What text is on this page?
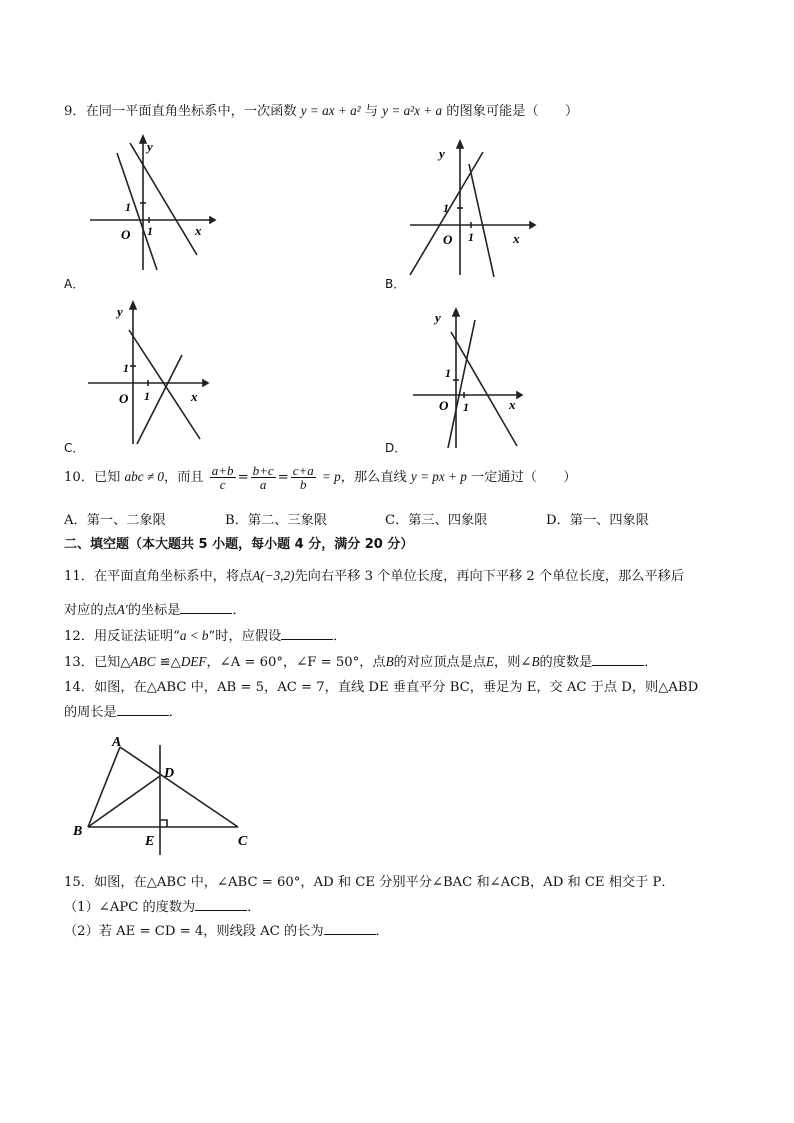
9．在同一平面直角坐标系中，一次函数 y = ax + a² 与 y = a²x + a 的图象可能是（　　）
y
1
1
O	x
A．
y
1
1
O	x
B．
y
1
1
O	x
C．
y
1
1
O	x
D．
10．已知 abc ≠ 0，而且 $\frac{a+b}{c} = \frac{b+c}{a} = \frac{c+a}{b} = p$，那么直线 y = px + p 一定通过（　　）
A．第一、二象限	B．第二、三象限	C．第三、四象限	D．第一、四象限
二、填空题（本大题共 5 小题，每小题 4 分，满分 20 分）
11．在平面直角坐标系中，将点A(−3,2)先向右平移 3 个单位长度，再向下平移 2 个单位长度，那么平移后
对应的点A′的坐标是	．
12．用反证法证明“a < b”时，应假设	．
13．已知△ABC ≌△DEF，∠A = 60°，∠F = 50°，点B的对应顶点是点E，则∠B的度数是	．
14．如图，在△ABC 中，AB = 5，AC = 7，直线 DE 垂直平分 BC，垂足为 E，交 AC 于点 D，则△ABD
的周长是	．
A
B
C
D
E
15．如图，在△ABC 中，∠ABC = 60°，AD 和 CE 分别平分∠BAC 和∠ACB，AD 和 CE 相交于 P．
（1）∠APC 的度数为	．
（2）若 AE = CD = 4，则线段 AC 的长为	．
